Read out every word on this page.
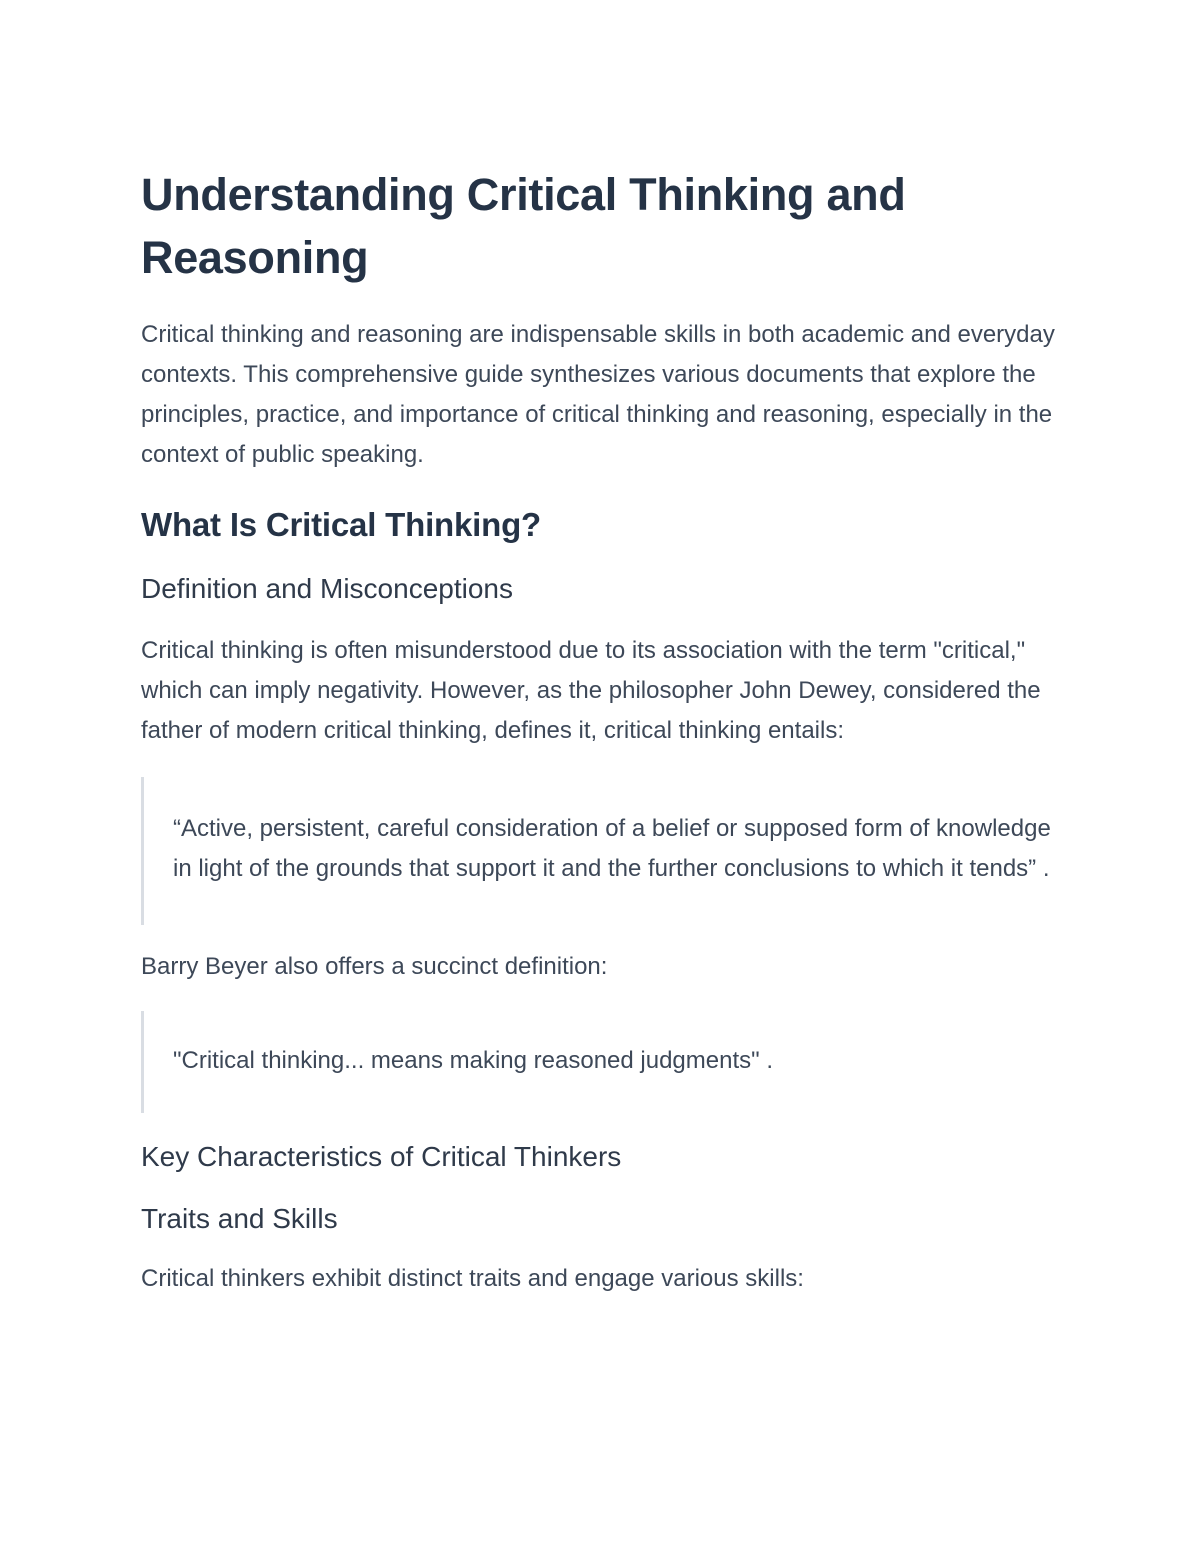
Understanding Critical Thinking and Reasoning

Critical thinking and reasoning are indispensable skills in both academic and everyday contexts. This comprehensive guide synthesizes various documents that explore the principles, practice, and importance of critical thinking and reasoning, especially in the context of public speaking.

What Is Critical Thinking?
Definition and Misconceptions

Critical thinking is often misunderstood due to its association with the term "critical," which can imply negativity. However, as the philosopher John Dewey, considered the father of modern critical thinking, defines it, critical thinking entails:

“Active, persistent, careful consideration of a belief or supposed form of knowledge in light of the grounds that support it and the further conclusions to which it tends” .

Barry Beyer also offers a succinct definition:

"Critical thinking... means making reasoned judgments" .
Key Characteristics of Critical Thinkers
Traits and Skills

Critical thinkers exhibit distinct traits and engage various skills:
